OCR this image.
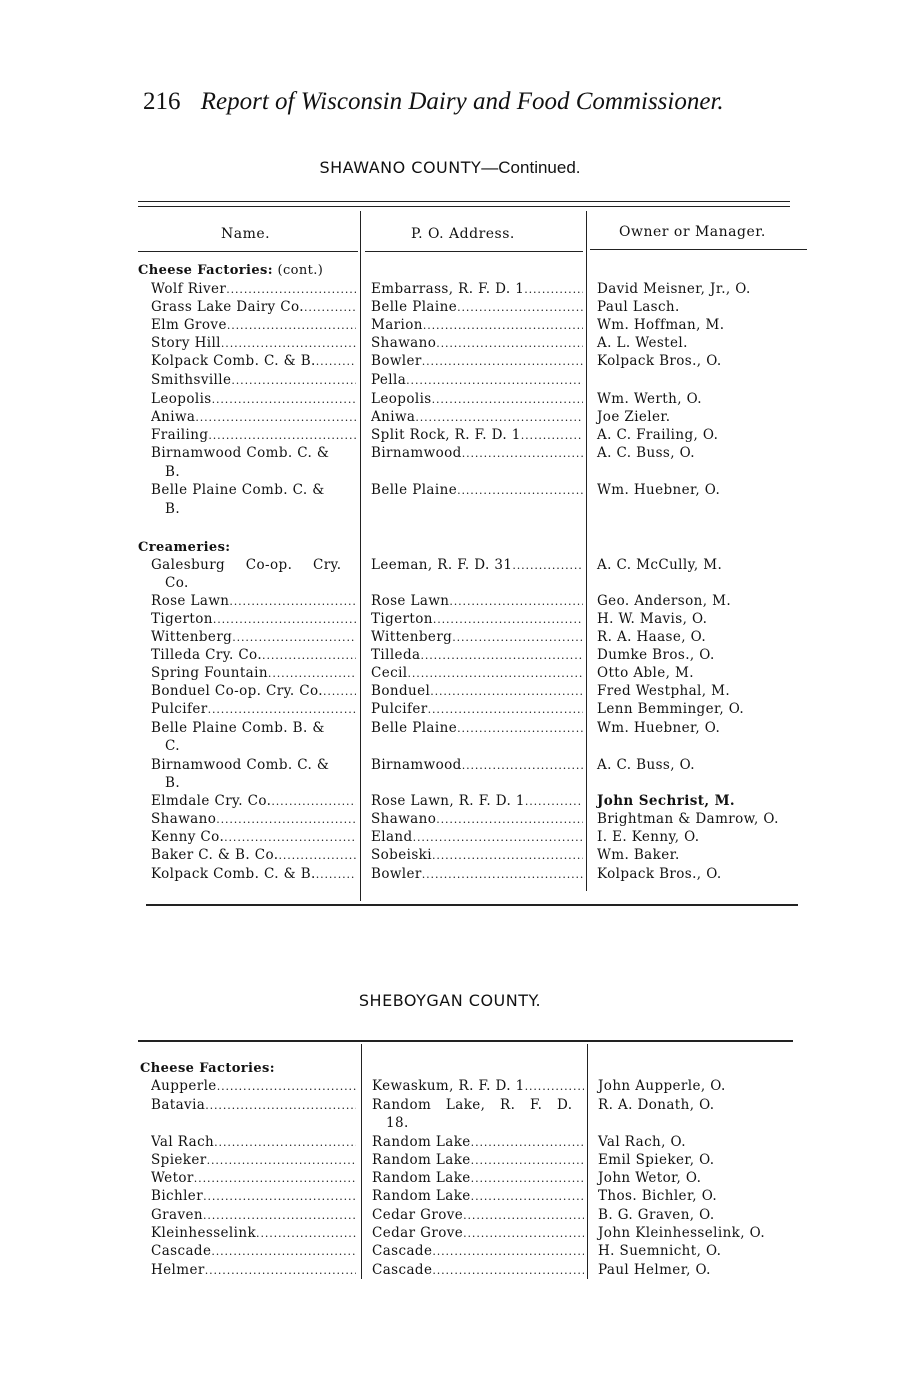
216 Report of Wisconsin Dairy and Food Commissioner.
SHAWANO COUNTY—Continued.
Name.	P. O. Address.	Owner or Manager.
Cheese Factories: (cont.)
Wolf River . . .	Embarrass, R. F. D. 1 . . .	David Meisner, Jr., O.
Grass Lake Dairy Co. . . .	Belle Plaine . . .	Paul Lasch.
Elm Grove . . .	Marion . . .	Wm. Hoffman, M.
Story Hill . . .	Shawano . . .	A. L. Westel.
Kolpack Comb. C. & B. . . .	Bowler . . .	Kolpack Bros., O.
Smithsville . . .	Pella
. . .
Leopolis . . .	Leopolis . . .	Wm. Werth, O.
Aniwa . . .	Aniwa . . .	Joe Zieler.
Frailing . . .	Split Rock, R. F. D. 1 . . .	A. C. Frailing, O.
Birnamwood Comb. C. &	Birnamwood . . .	A. C. Buss, O.
B.
Belle Plaine Comb. C. &	Belle Plaine . . .	Wm. Huebner, O.
B.
Creameries:
Galesburg Co-op. Cry.	Leeman, R. F. D. 31 . . .	A. C. McCully, M.
Co.
Rose Lawn . . .	Rose Lawn . . .	Geo. Anderson, M.
Tigerton . . .	Tigerton . . .	H. W. Mavis, O.
Wittenberg . . .	Wittenberg . . .	R. A. Haase, O.
Tilleda Cry. Co. . . .	Tilleda . . .	Dumke Bros., O.
Spring Fountain . . .	Cecil . . .	Otto Able, M.
Bonduel Co-op. Cry. Co. . . .	Bonduel . . .	Fred Westphal, M.
Pulcifer . . .	Pulcifer . . .	Lenn Bemminger, O.
Belle Plaine Comb. B. &	Belle Plaine . . .	Wm. Huebner, O.
C.
Birnamwood Comb. C. &	Birnamwood . . .	A. C. Buss, O.
B.
Elmdale Cry. Co. . . .	Rose Lawn, R. F. D. 1 . . .	John Sechrist, M.
Shawano . . .	Shawano . . .	Brightman & Damrow, O.
Kenny Co. . . .	Eland . . .	I. E. Kenny, O.
Baker C. & B. Co. . . .	Sobeiski . . .	Wm. Baker.
Kolpack Comb. C. & B. . . .	Bowler . . .	Kolpack Bros., O.
SHEBOYGAN COUNTY.
Cheese Factories:
Aupperle . . .	Kewaskum, R. F. D. 1 . . .	John Aupperle, O.
Batavia . . .	Random Lake, R. F. D.	R. A. Donath, O.
18.
Val Rach . . .	Random Lake . . .	Val Rach, O.
Spieker . . .	Random Lake . . .	Emil Spieker, O.
Wetor . . .	Random Lake . . .	John Wetor, O.
Bichler . . .	Random Lake . . .	Thos. Bichler, O.
Graven . . .	Cedar Grove . . .	B. G. Graven, O.
Kleinhesselink . . .	Cedar Grove . . .	John Kleinhesselink, O.
Cascade . . .	Cascade . . .	H. Suemnicht, O.
Helmer . . .	Cascade . . .	Paul Helmer, O.
